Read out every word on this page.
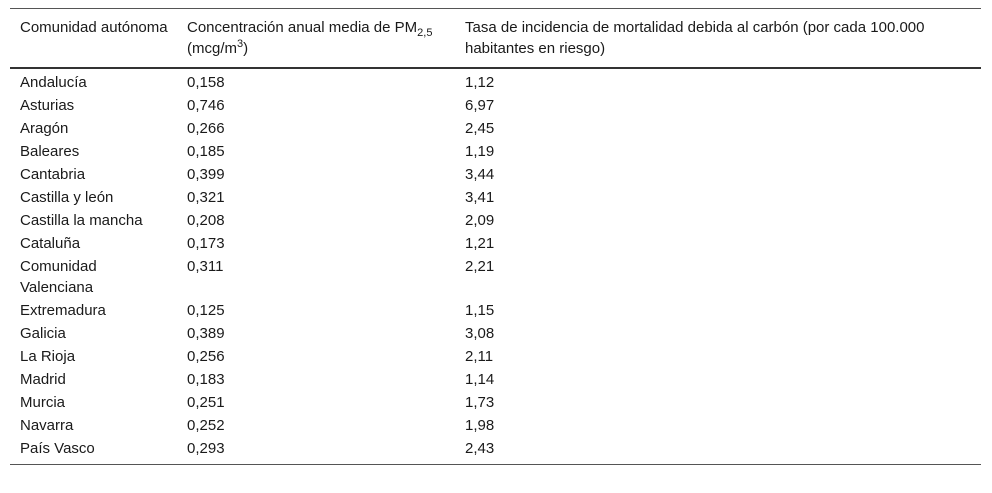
Comunidad autónoma	Concentración anual media de $PM_{2,5}$ $(mcg/m^3)$	Tasa de incidencia de mortalidad debida al carbón (por cada 100.000 habitantes en riesgo)
Andalucía	0,158	1,12
Asturias	0,746	6,97
Aragón	0,266	2,45
Baleares	0,185	1,19
Cantabria	0,399	3,44
Castilla y león	0,321	3,41
Castilla la mancha	0,208	2,09
Cataluña	0,173	1,21
Comunidad Valenciana	0,311	2,21
Extremadura	0,125	1,15
Galicia	0,389	3,08
La Rioja	0,256	2,11
Madrid	0,183	1,14
Murcia	0,251	1,73
Navarra	0,252	1,98
País Vasco	0,293	2,43
